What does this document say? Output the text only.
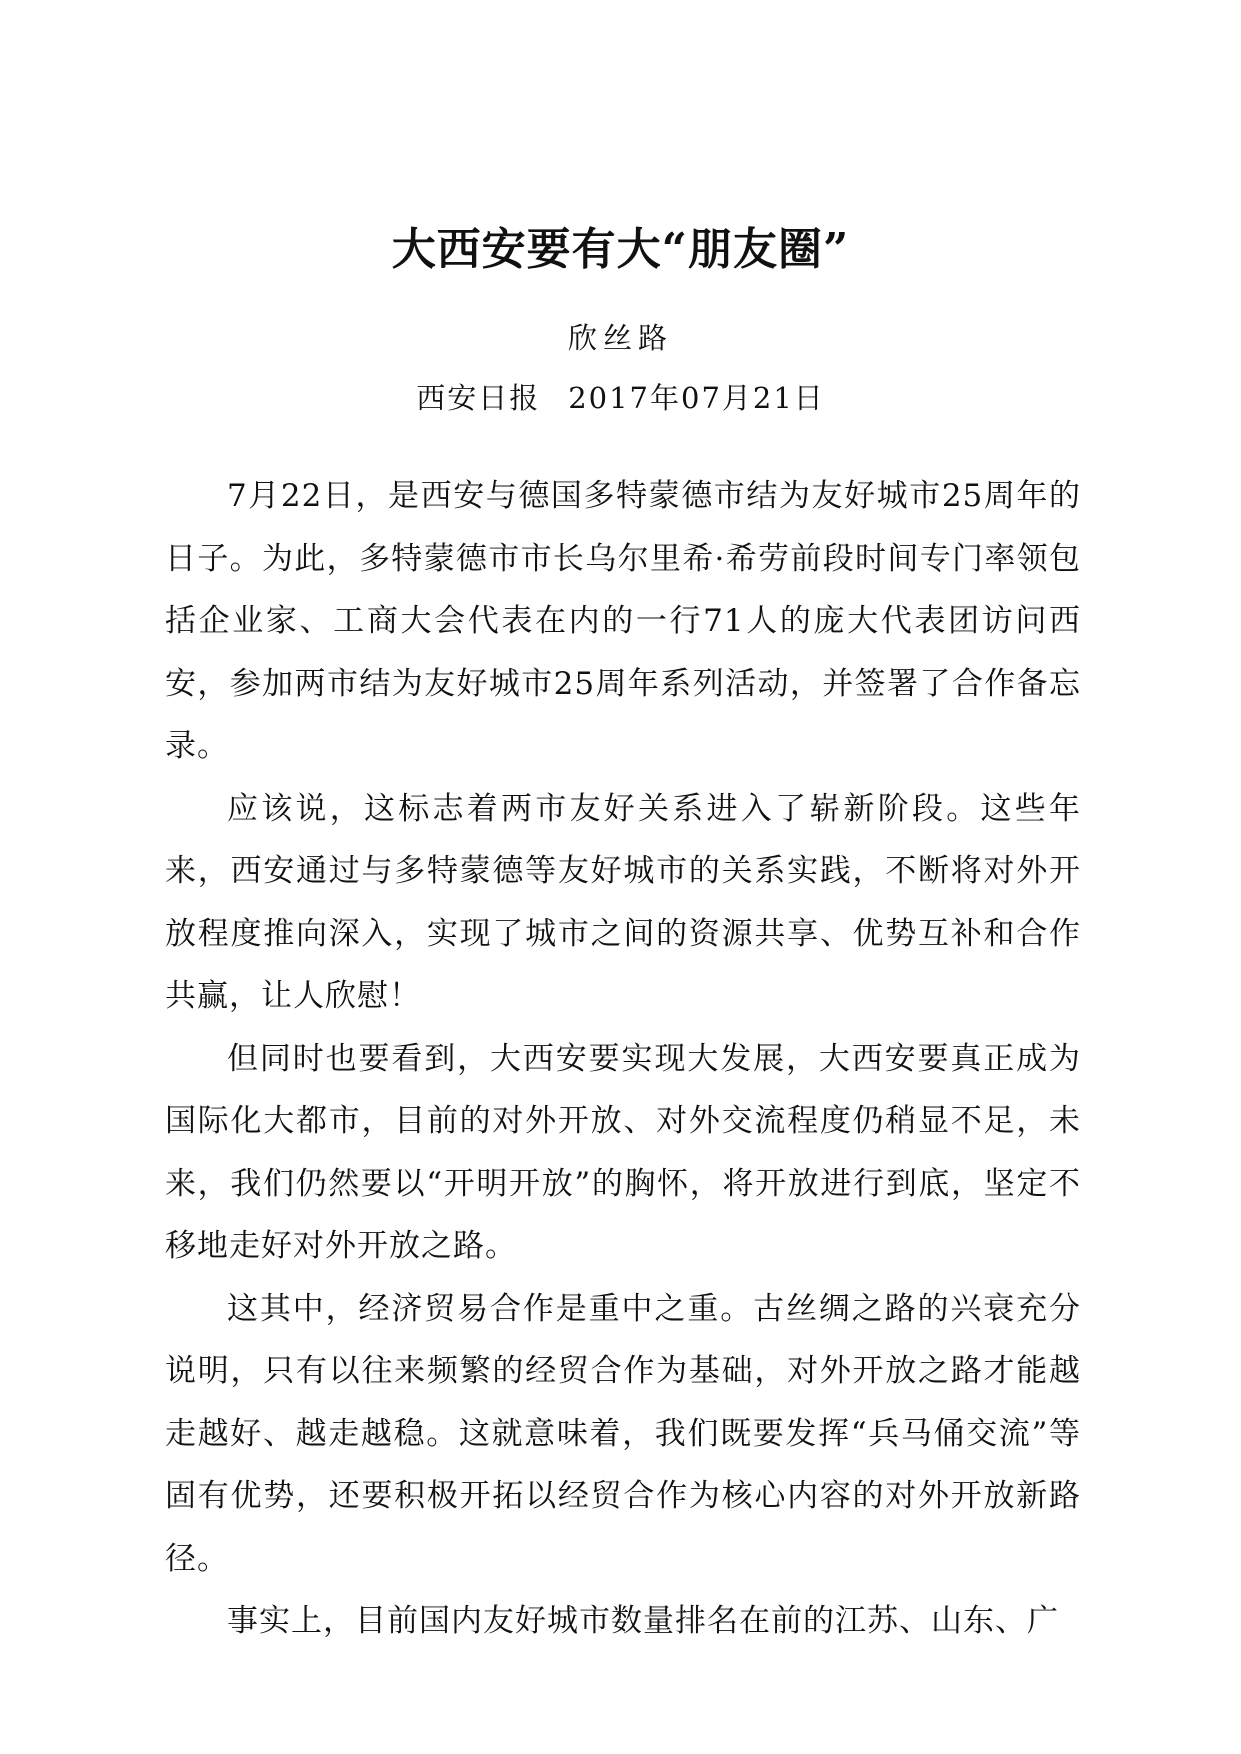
大西安要有大“朋友圈”
欣丝路
西安日报 2017年07月21日

7月22日，是西安与德国多特蒙德市结为友好城市25周年的日子。为此，多特蒙德市市长乌尔里希·希劳前段时间专门率领包括企业家、工商大会代表在内的一行71人的庞大代表团访问西安，参加两市结为友好城市25周年系列活动，并签署了合作备忘录。

应该说，这标志着两市友好关系进入了崭新阶段。这些年来，西安通过与多特蒙德等友好城市的关系实践，不断将对外开放程度推向深入，实现了城市之间的资源共享、优势互补和合作共赢，让人欣慰！

但同时也要看到，大西安要实现大发展，大西安要真正成为国际化大都市，目前的对外开放、对外交流程度仍稍显不足，未来，我们仍然要以“开明开放”的胸怀，将开放进行到底，坚定不移地走好对外开放之路。

这其中，经济贸易合作是重中之重。古丝绸之路的兴衰充分说明，只有以往来频繁的经贸合作为基础，对外开放之路才能越走越好、越走越稳。这就意味着，我们既要发挥“兵马俑交流”等固有优势，还要积极开拓以经贸合作为核心内容的对外开放新路径。

事实上，目前国内友好城市数量排名在前的江苏、山东、广
